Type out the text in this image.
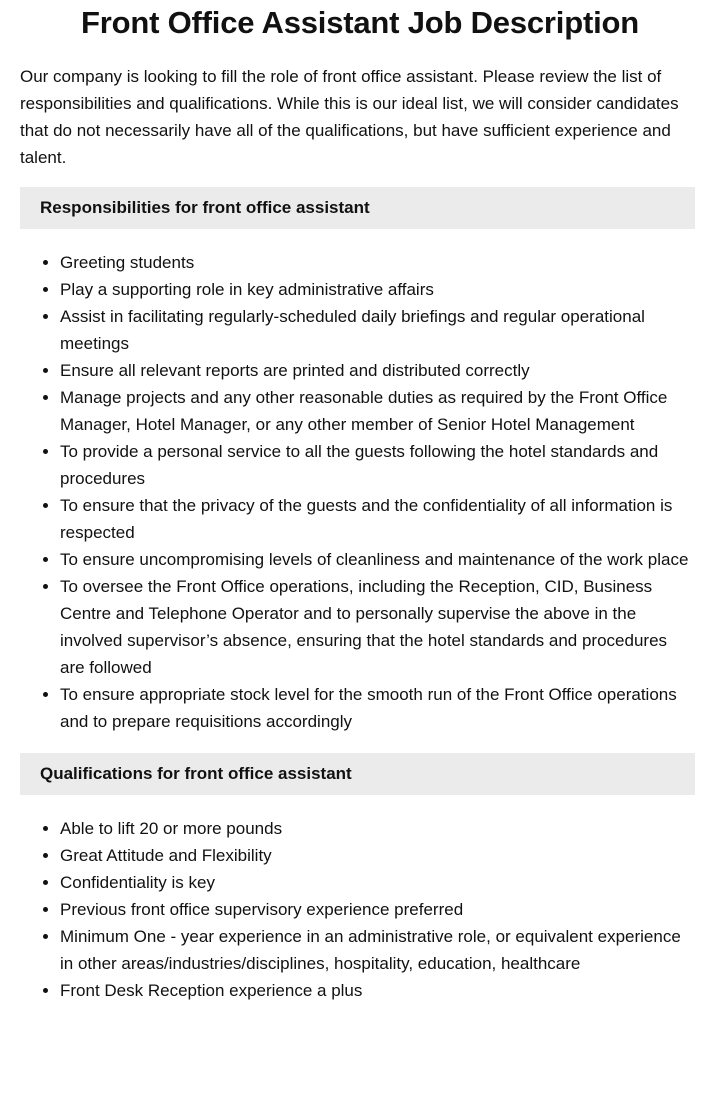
Front Office Assistant Job Description

Our company is looking to fill the role of front office assistant. Please review the list of responsibilities and qualifications. While this is our ideal list, we will consider candidates that do not necessarily have all of the qualifications, but have sufficient experience and talent.

Responsibilities for front office assistant
• Greeting students
• Play a supporting role in key administrative affairs
• Assist in facilitating regularly-scheduled daily briefings and regular operational meetings
• Ensure all relevant reports are printed and distributed correctly
• Manage projects and any other reasonable duties as required by the Front Office Manager, Hotel Manager, or any other member of Senior Hotel Management
• To provide a personal service to all the guests following the hotel standards and procedures
• To ensure that the privacy of the guests and the confidentiality of all information is respected
• To ensure uncompromising levels of cleanliness and maintenance of the work place
• To oversee the Front Office operations, including the Reception, CID, Business Centre and Telephone Operator and to personally supervise the above in the involved supervisor’s absence, ensuring that the hotel standards and procedures are followed
• To ensure appropriate stock level for the smooth run of the Front Office operations and to prepare requisitions accordingly
Qualifications for front office assistant
• Able to lift 20 or more pounds
• Great Attitude and Flexibility
• Confidentiality is key
• Previous front office supervisory experience preferred
• Minimum One - year experience in an administrative role, or equivalent experience in other areas/industries/disciplines, hospitality, education, healthcare
• Front Desk Reception experience a plus
